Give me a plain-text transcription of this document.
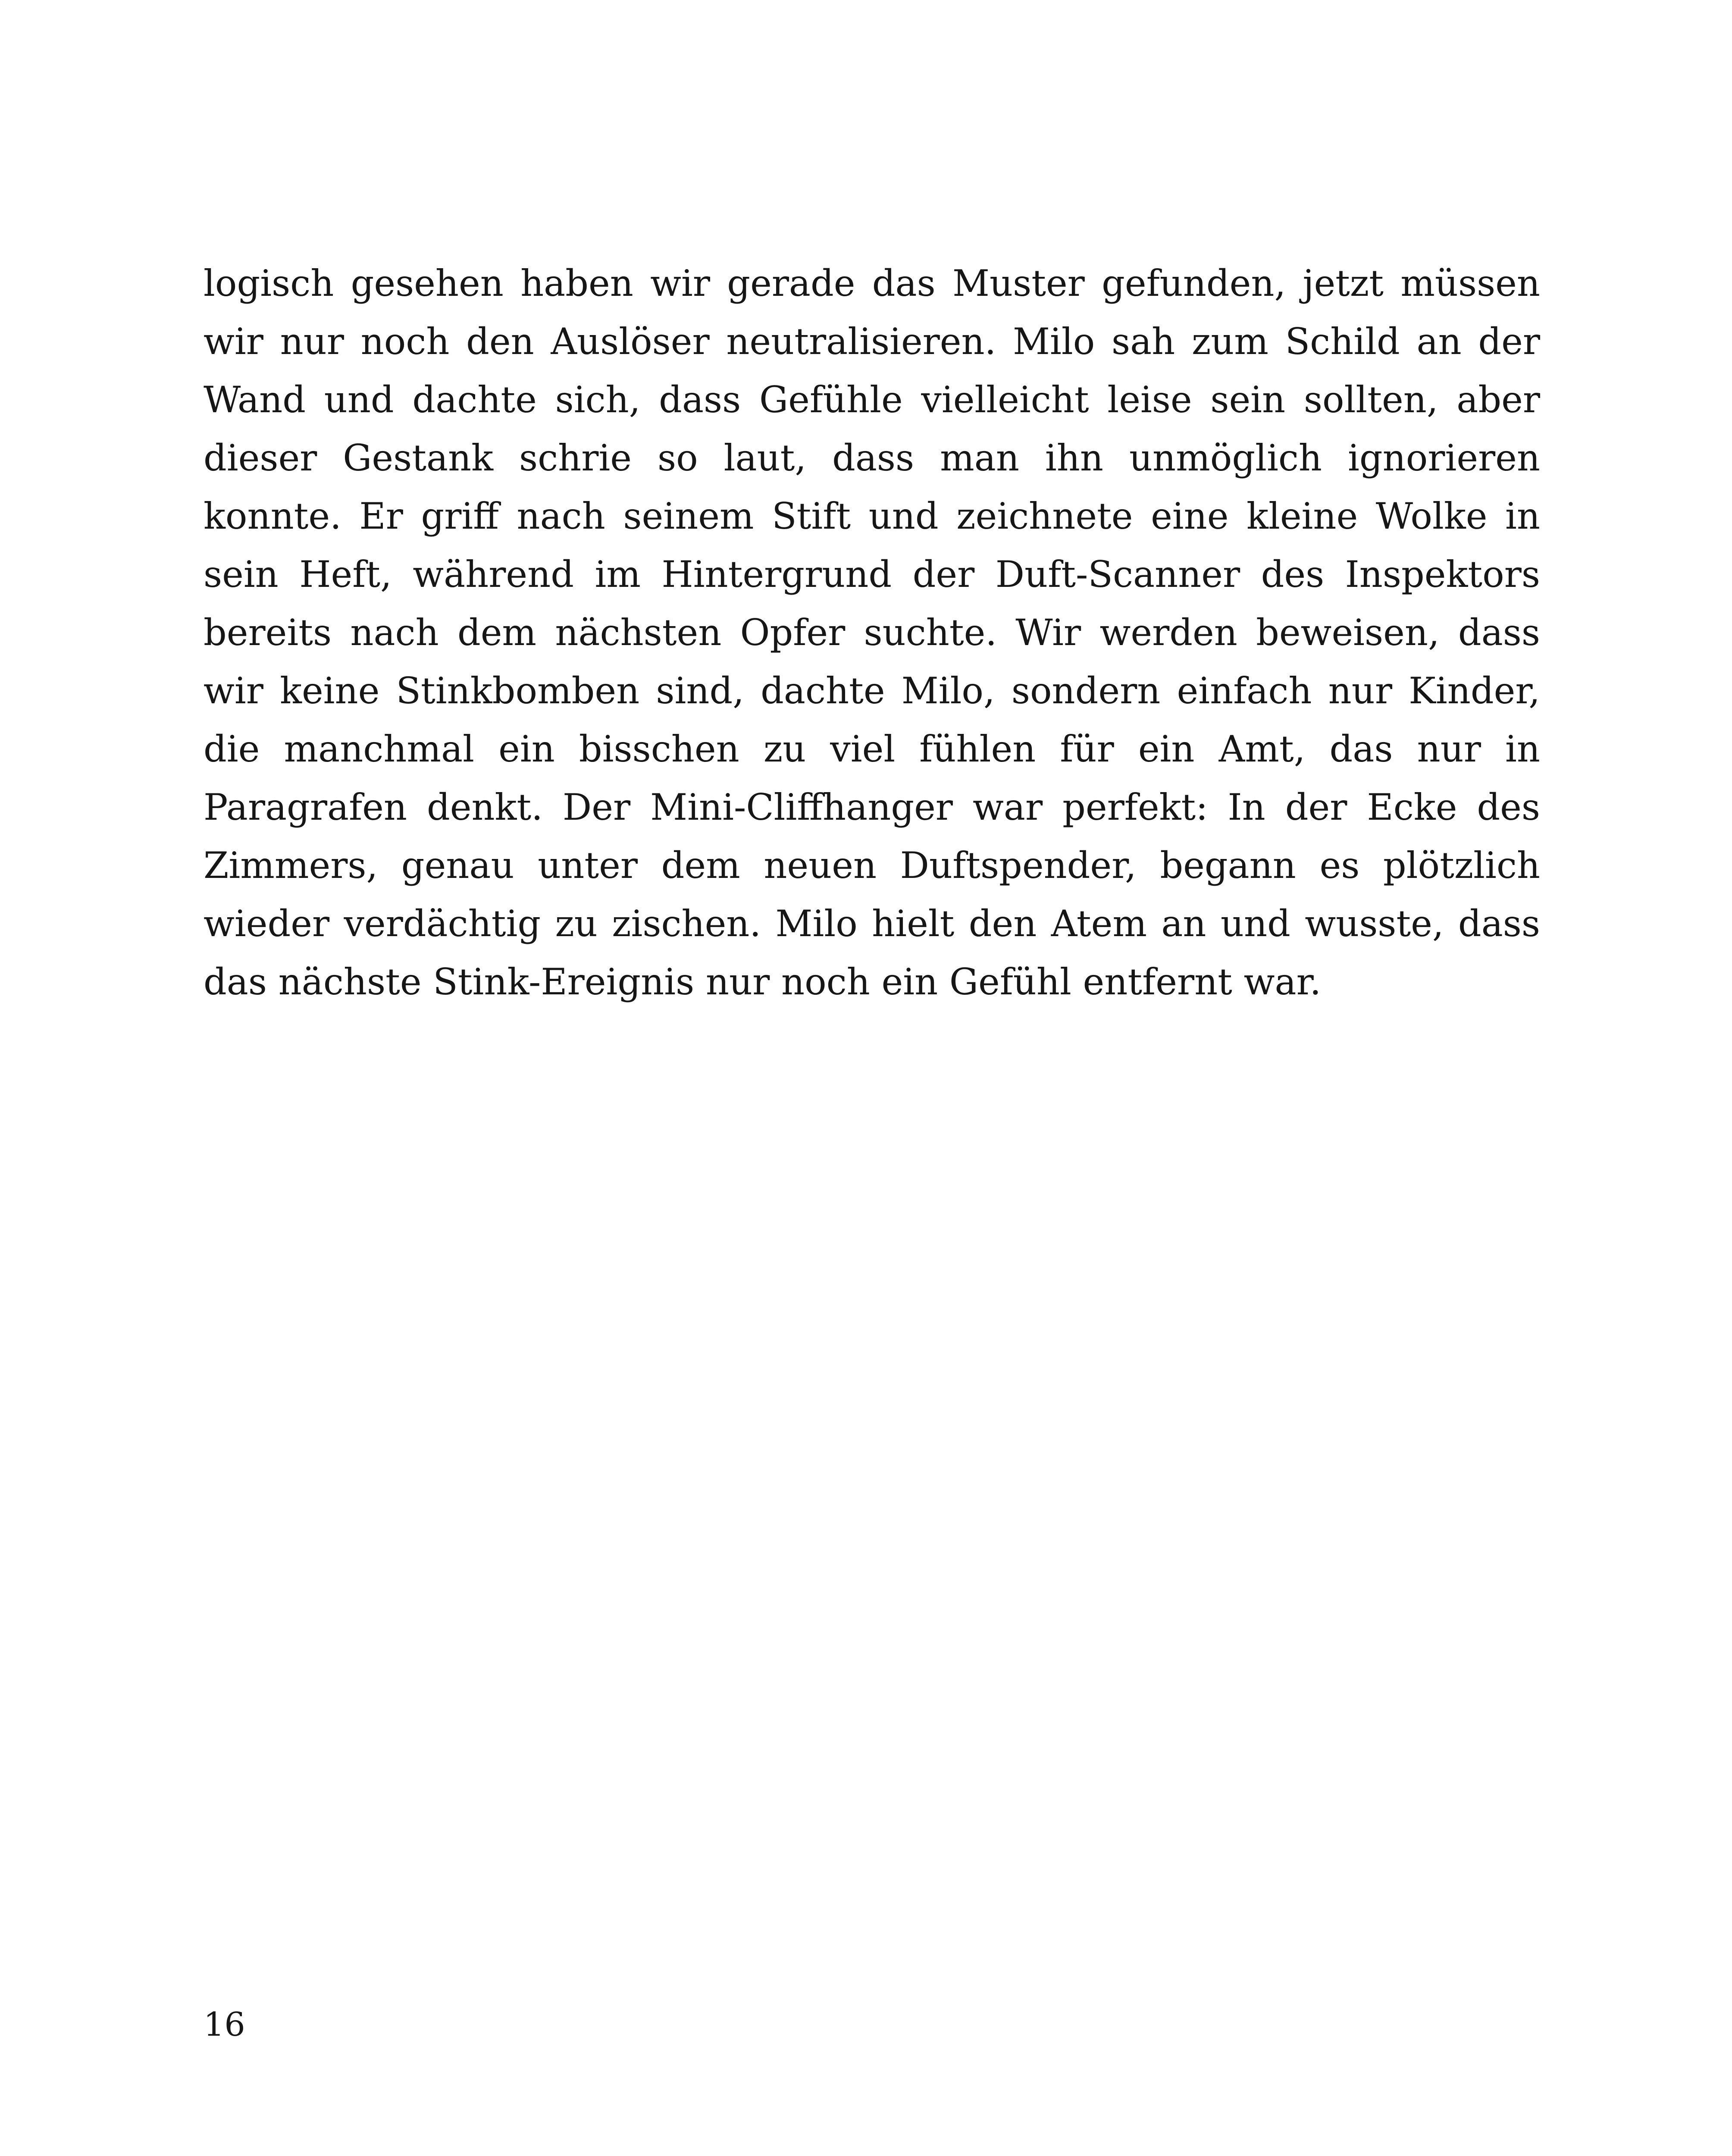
logisch gesehen haben wir gerade das Muster gefunden, jetzt müssen wir nur noch den Auslöser neutralisieren. Milo sah zum Schild an der Wand und dachte sich, dass Gefühle vielleicht leise sein sollten, aber dieser Gestank schrie so laut, dass man ihn unmöglich ignorieren konnte. Er griff nach seinem Stift und zeichnete eine kleine Wolke in sein Heft, während im Hintergrund der Duft-Scanner des Inspektors bereits nach dem nächsten Opfer suchte. Wir werden beweisen, dass wir keine Stinkbomben sind, dachte Milo, sondern einfach nur Kinder, die manchmal ein bisschen zu viel fühlen für ein Amt, das nur in Paragrafen denkt. Der Mini-Cliffhanger war perfekt: In der Ecke des Zimmers, genau unter dem neuen Duftspender, begann es plötzlich wieder verdächtig zu zischen. Milo hielt den Atem an und wusste, dass das nächste Stink-Ereignis nur noch ein Gefühl entfernt war.

16
